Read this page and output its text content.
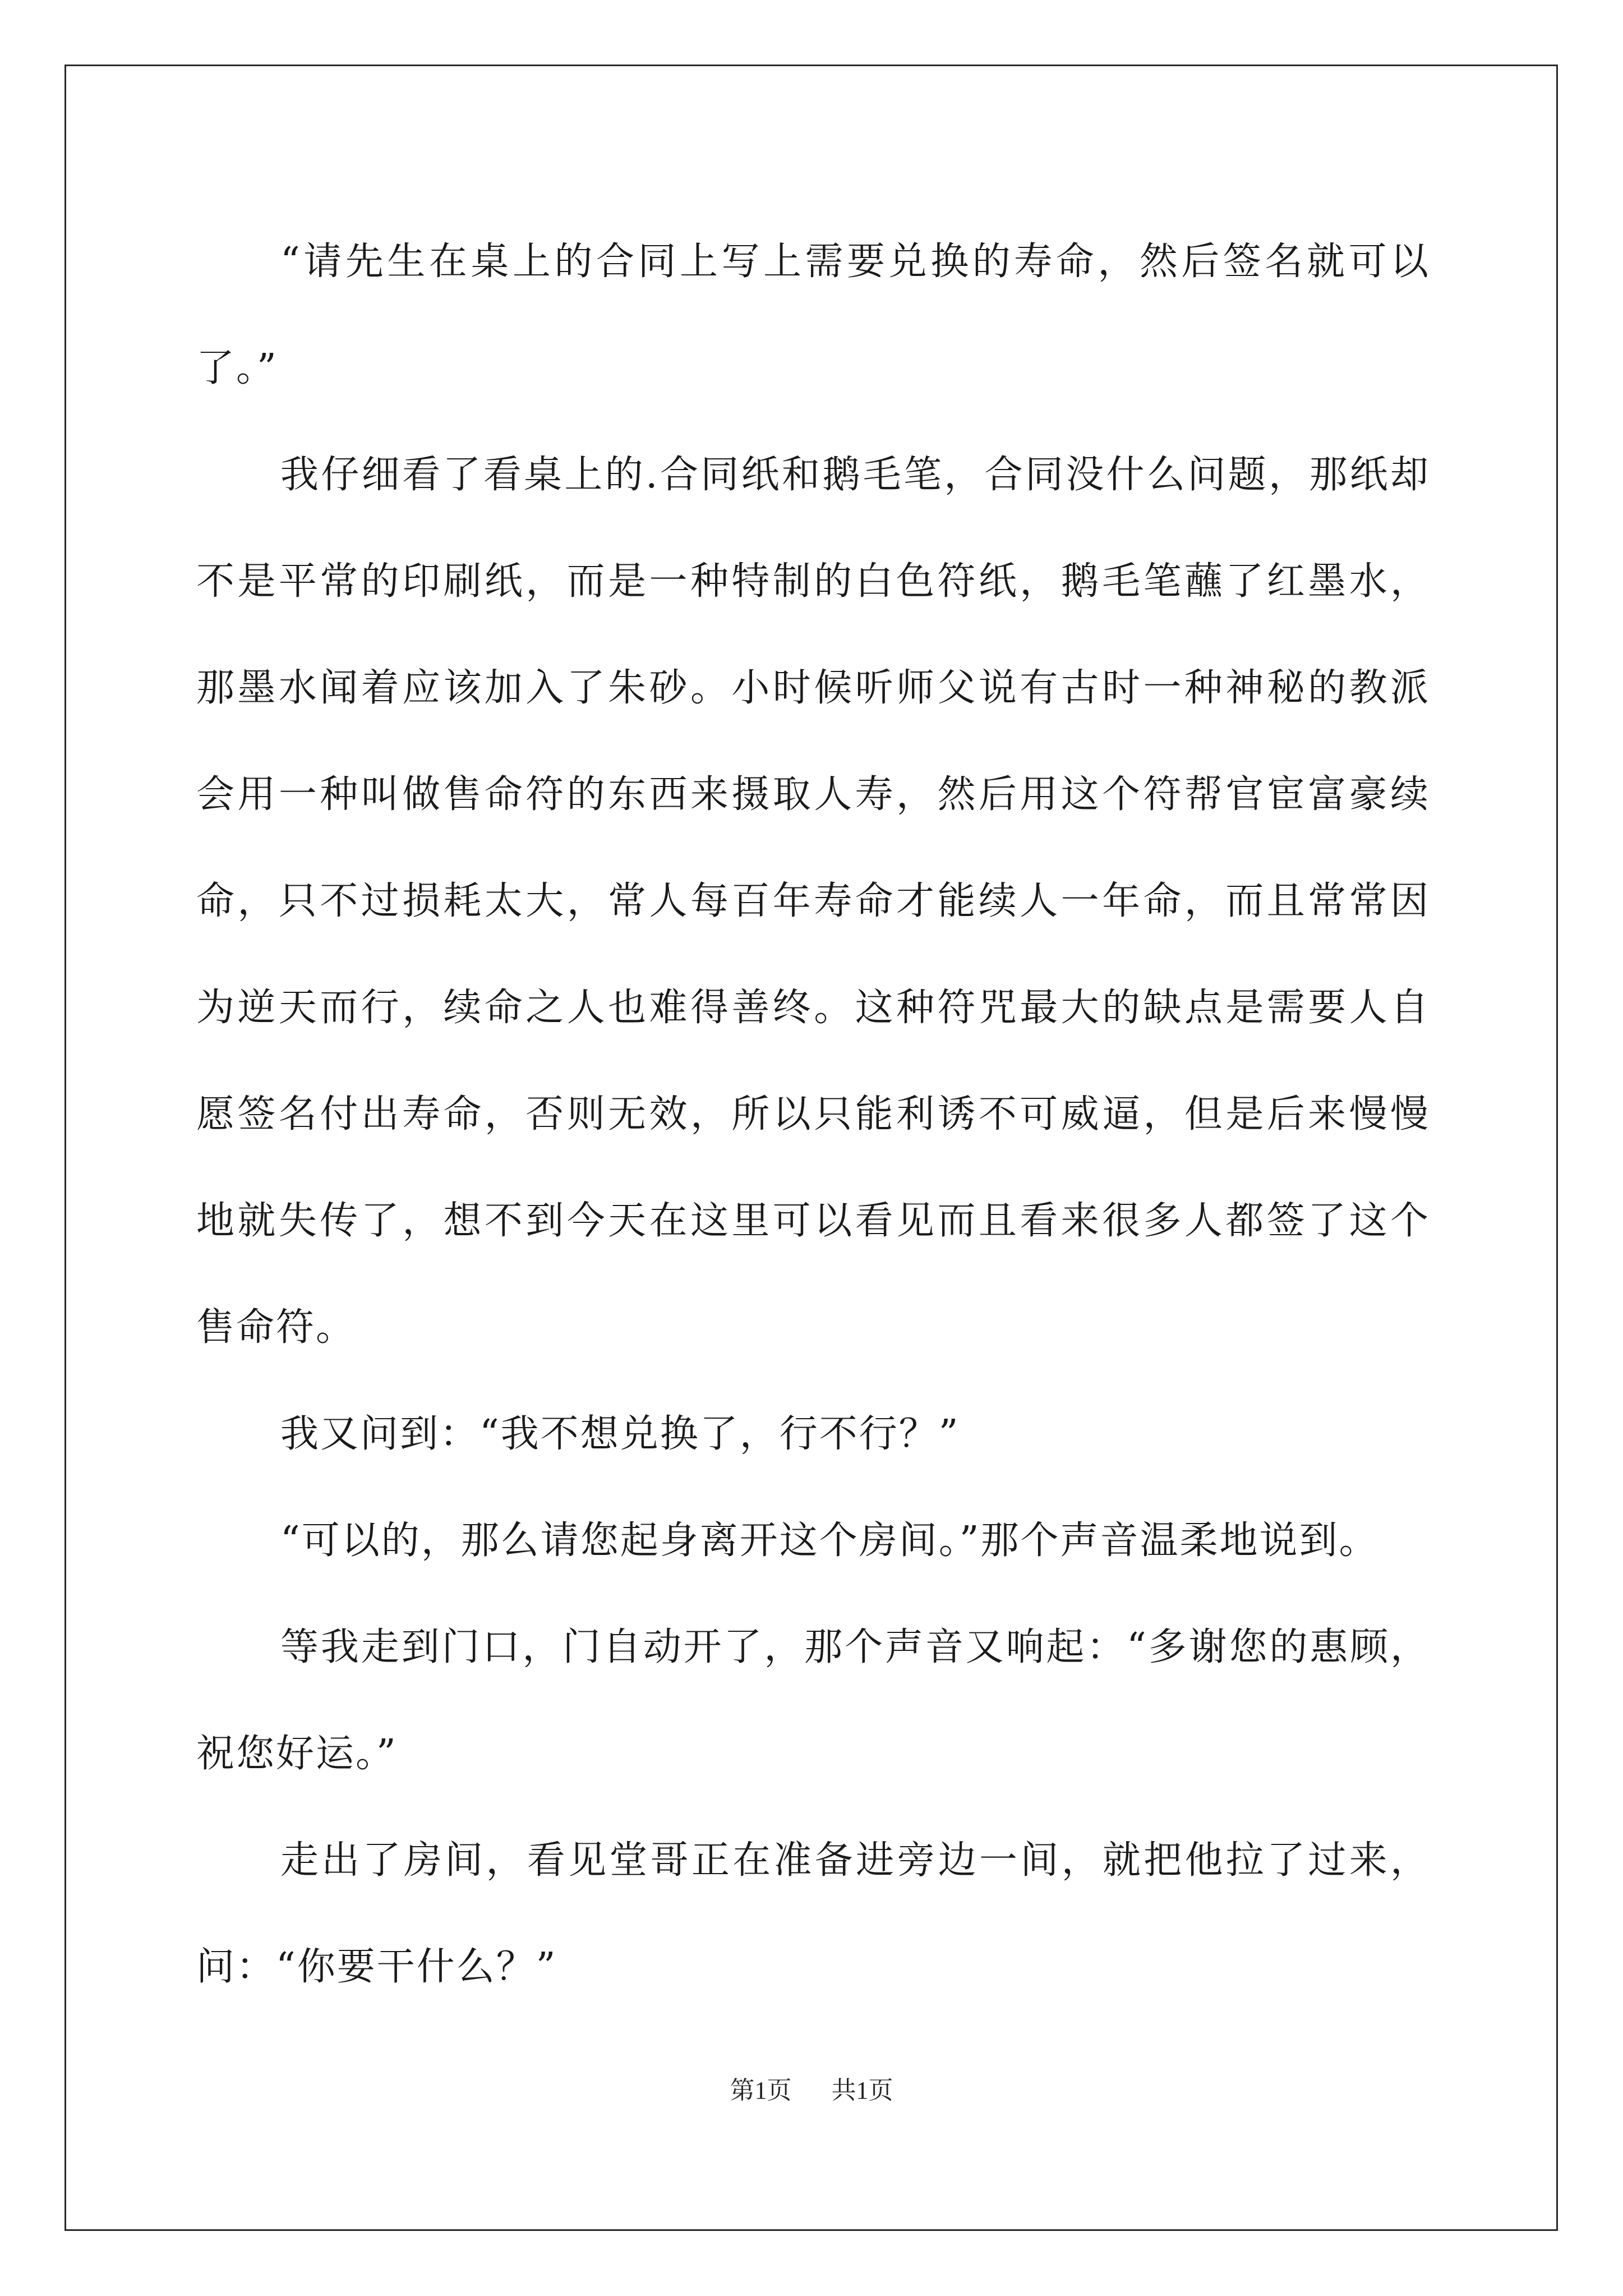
“请先生在桌上的合同上写上需要兑换的寿命，然后签名就可以了。”

我仔细看了看桌上的.合同纸和鹅毛笔，合同没什么问题，那纸却不是平常的印刷纸，而是一种特制的白色符纸，鹅毛笔蘸了红墨水，那墨水闻着应该加入了朱砂。小时候听师父说有古时一种神秘的教派会用一种叫做售命符的东西来摄取人寿，然后用这个符帮官宦富豪续命，只不过损耗太大，常人每百年寿命才能续人一年命，而且常常因为逆天而行，续命之人也难得善终。这种符咒最大的缺点是需要人自愿签名付出寿命，否则无效，所以只能利诱不可威逼，但是后来慢慢地就失传了，想不到今天在这里可以看见而且看来很多人都签了这个售命符。

我又问到：“我不想兑换了，行不行？”

“可以的，那么请您起身离开这个房间。”那个声音温柔地说到。

等我走到门口，门自动开了，那个声音又响起：“多谢您的惠顾，祝您好运。”

走出了房间，看见堂哥正在准备进旁边一间，就把他拉了过来，问：“你要干什么？”

第1页 共1页
